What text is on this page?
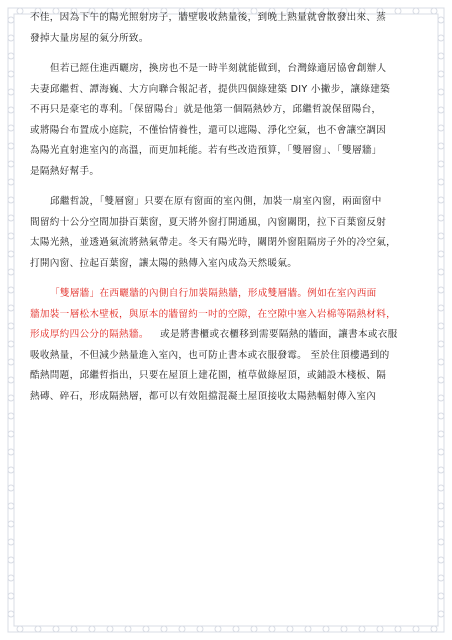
不佳，因為下午的陽光照射房子，牆壁吸收熱量後，到晚上熱量就會散發出來、蒸

發掉大量房屋的氣分所致。

但若已經住進西曬房，換房也不是一時半刻就能做到，台灣綠適居協會創辦人

夫妻邱繼哲、譚海巍、大方向聯合報記者，提供四個綠建築 DIY 小撇步，讓綠建築

不再只是豪宅的專利。「保留陽台」就是他第一個隔熱妙方，邱繼哲說保留陽台，

或將陽台布置成小庭院，不僅怡情養性，還可以遮陽、淨化空氣，也不會讓空調因

為陽光直射進室內的高溫，而更加耗能。若有些改造預算，「雙層窗」、「雙層牆」

是隔熱好幫手。

邱繼哲說，「雙層窗」只要在原有窗面的室內側，加裝一扇室內窗，兩面窗中

間留約十公分空間加掛百葉窗，夏天將外窗打開通風，內窗關閉，拉下百葉窗反射

太陽光熱，並透過氣流將熱氣帶走。冬天有陽光時，關閉外窗阻隔房子外的冷空氣，

打開內窗、拉起百葉窗，讓太陽的熱傳入室內成為天然暖氣。

「雙層牆」在西曬牆的內側自行加裝隔熱牆，形成雙層牆。例如在室內西面

牆加裝一層松木壁板，與原本的牆留約一吋的空隙，在空隙中塞入岩棉等隔熱材料，

形成厚約四公分的隔熱牆。 或是將書櫃或衣櫃移到需要隔熱的牆面，讓書本或衣服

吸收熱量，不但減少熱量進入室內，也可防止書本或衣服發霉。 至於住頂樓遇到的

酷熱問題，邱繼哲指出，只要在屋頂上建花園，植草做綠屋頂，或鋪設木棧板、隔

熱磚、碎石，形成隔熱層，都可以有效阻擋混凝土屋頂接收太陽熱輻射傳入室內
